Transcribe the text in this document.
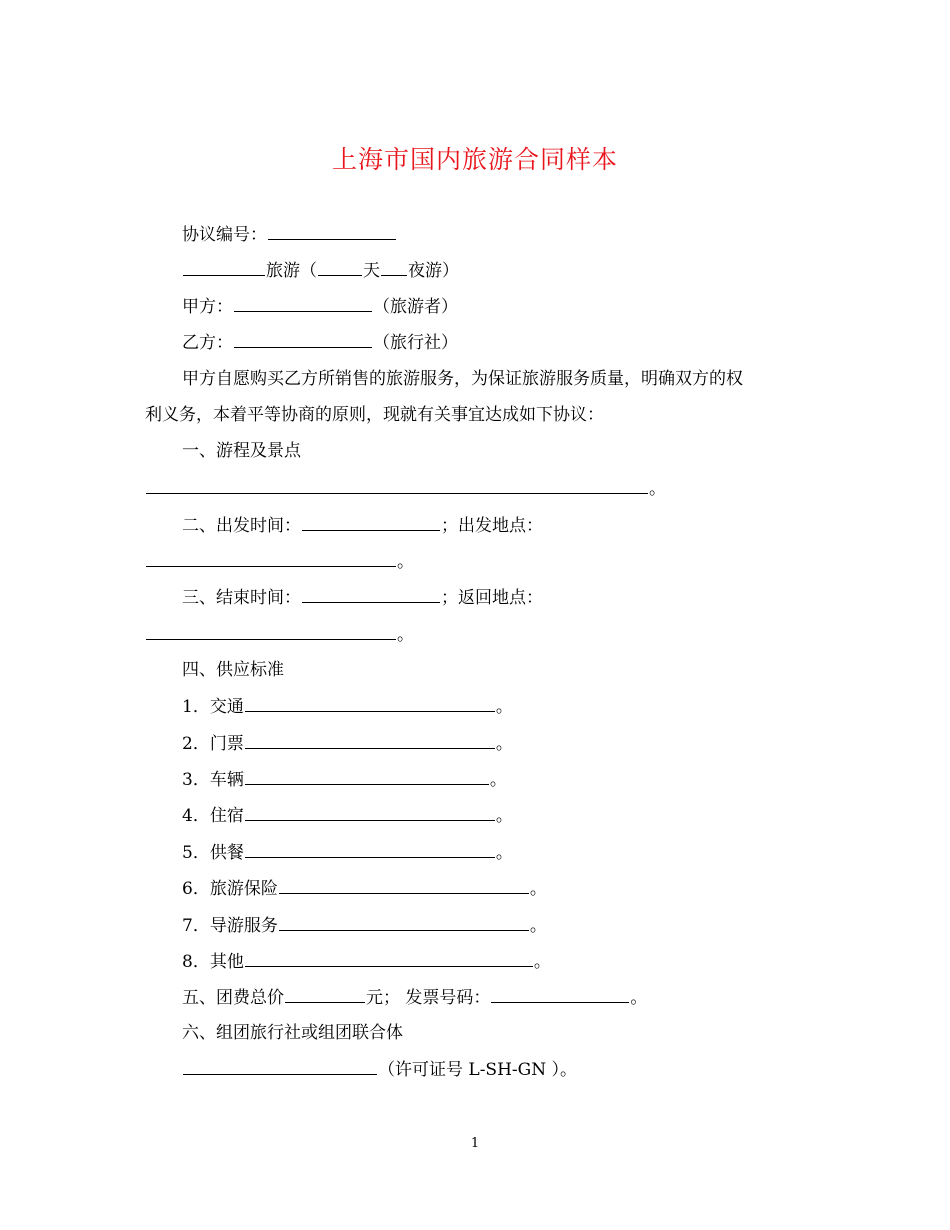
上海市国内旅游合同样本
协议编号：
旅游（	天 夜游）
甲方：	（旅游者）
乙方：	（旅行社）
甲方自愿购买乙方所销售的旅游服务，为保证旅游服务质量，明确双方的权
利义务，本着平等协商的原则，现就有关事宜达成如下协议：
一、游程及景点
。
二、出发时间：	；出发地点：
。
三、结束时间：	；返回地点：
。
四、供应标准
1．交通	。
2．门票	。
3．车辆	。
4．住宿	。
5．供餐	。
6．旅游保险	。
7．导游服务	。
8．其他	。
五、团费总价	元； 发票号码：	。
六、组团旅行社或组团联合体
（许可证号 L-SH-GN ）。
1
